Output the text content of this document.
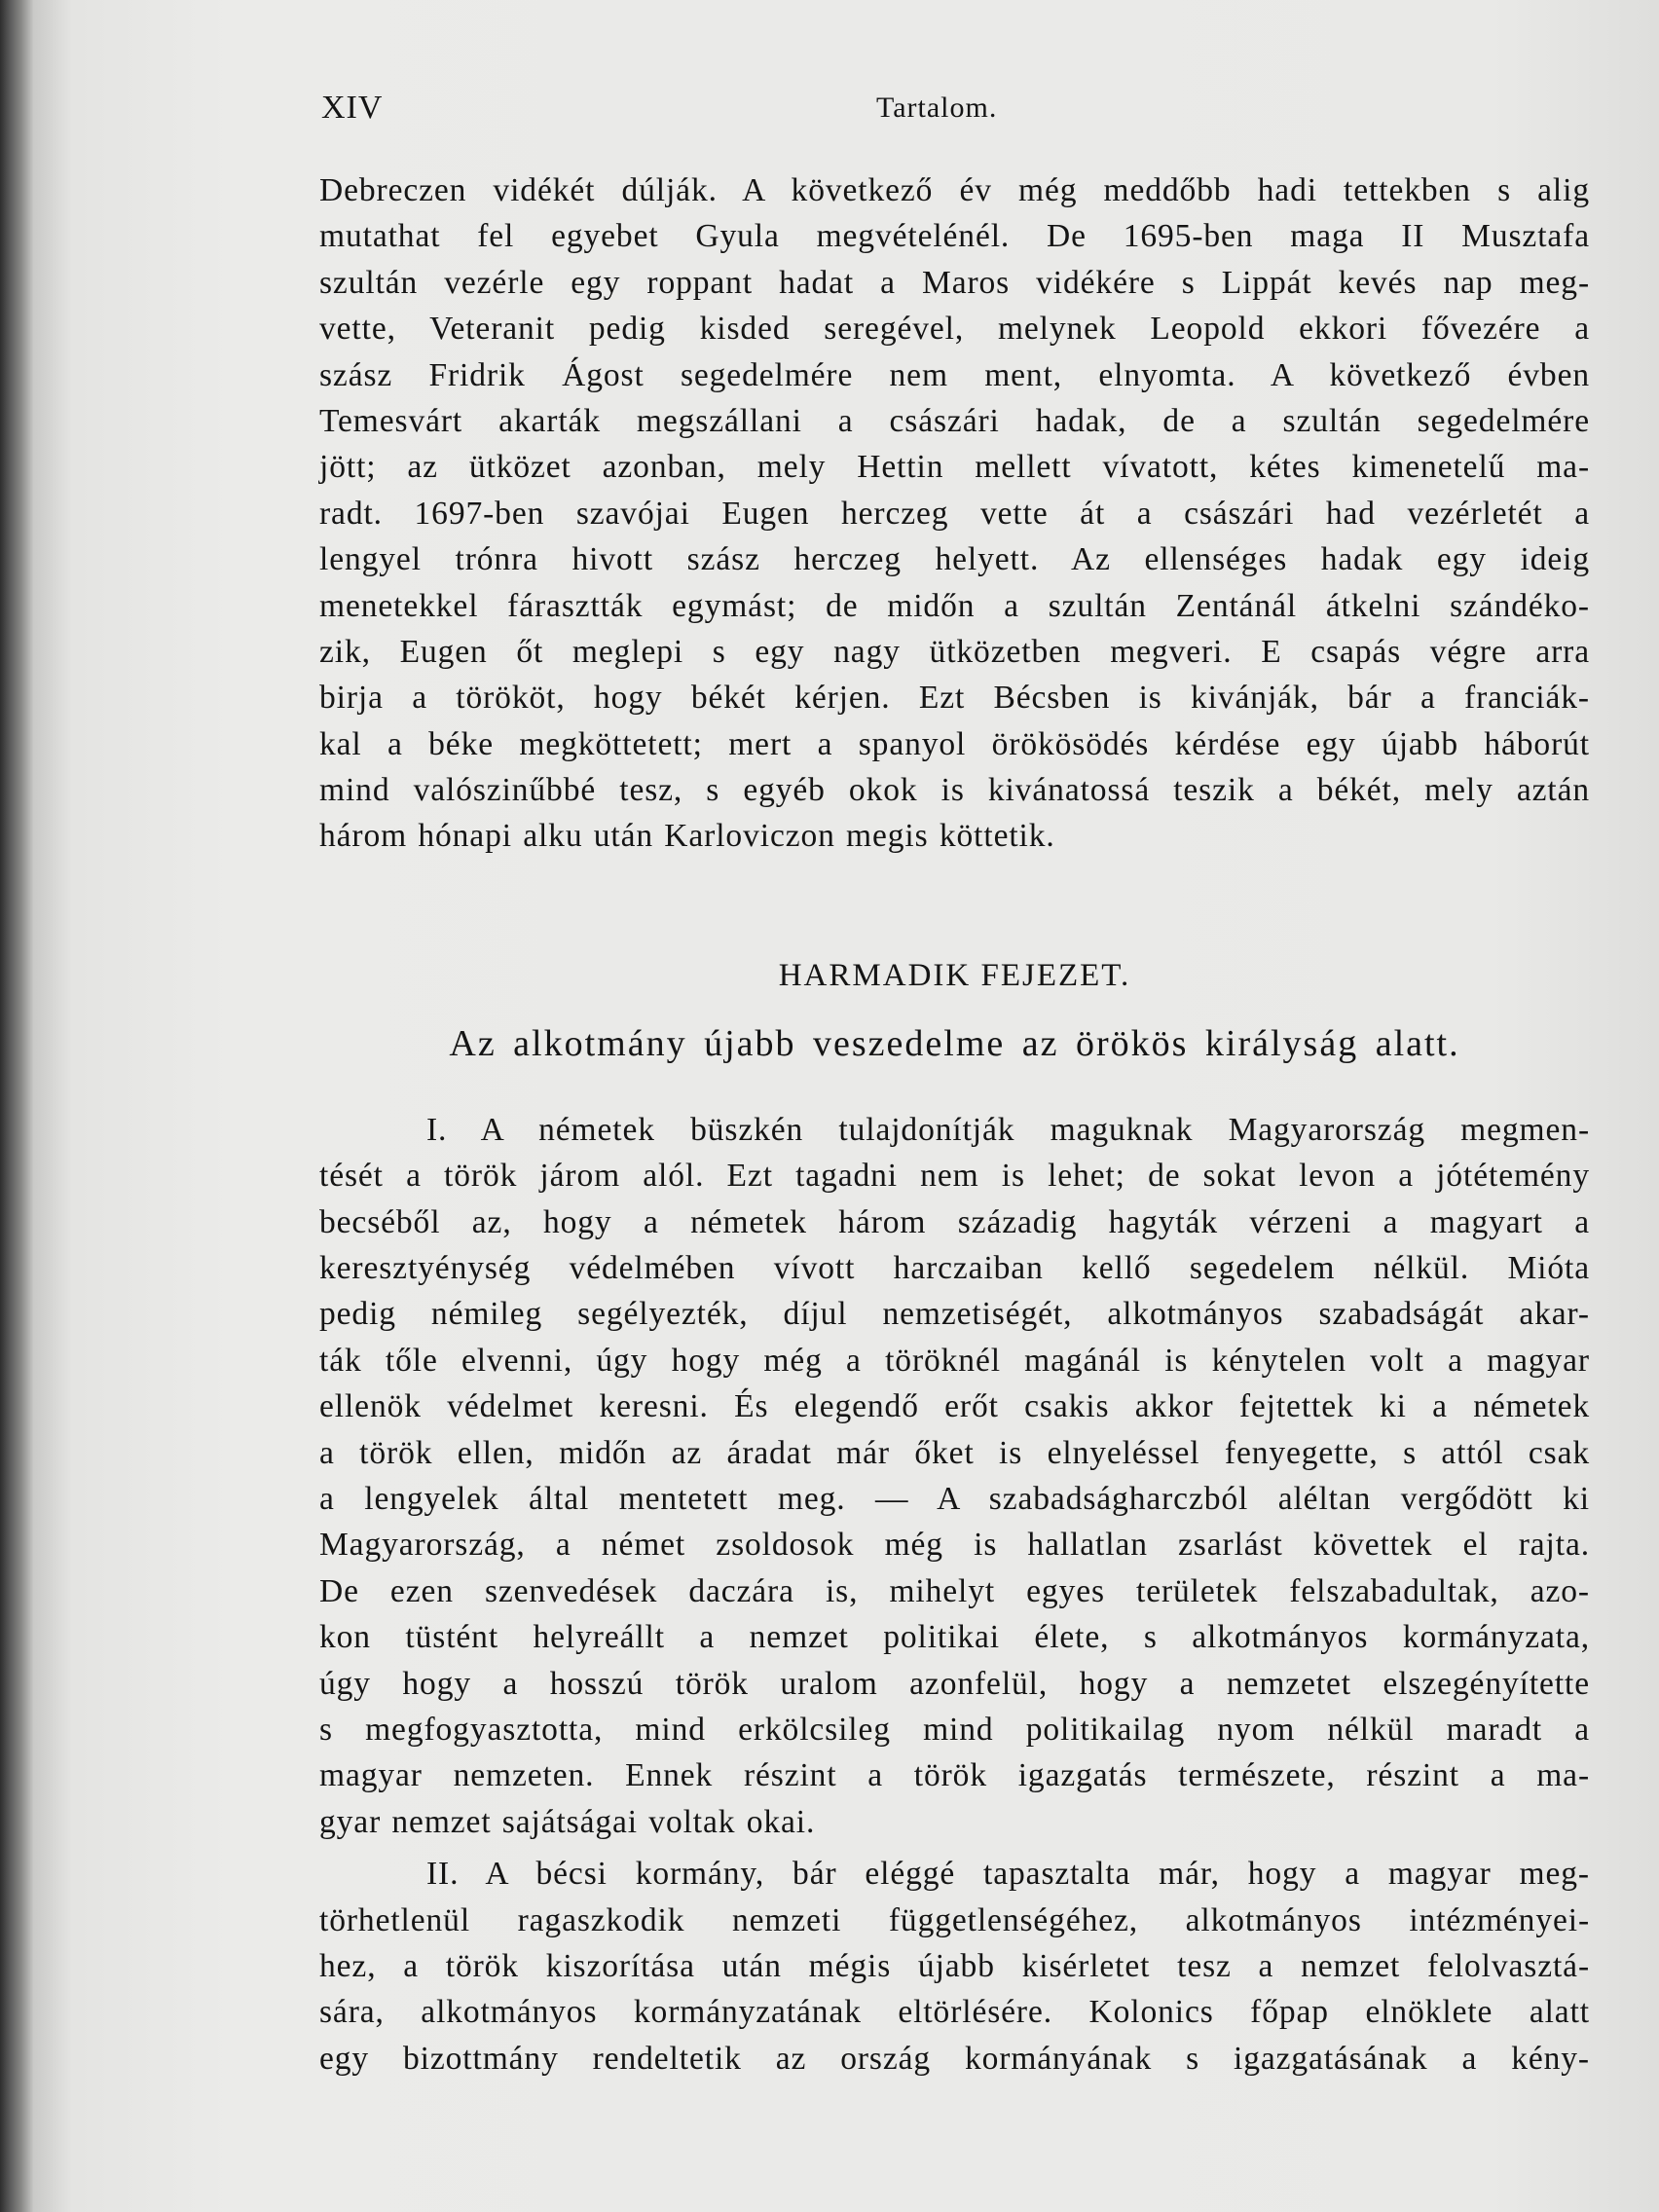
XIV	Tartalom.
Debreczen vidékét dúlják. A következő év még meddőbb hadi tettekben s alig
mutathat fel egyebet Gyula megvételénél. De 1695-ben maga II Musztafa
szultán vezérle egy roppant hadat a Maros vidékére s Lippát kevés nap meg-
vette, Veteranit pedig kisded seregével, melynek Leopold ekkori fővezére a
szász Fridrik Ágost segedelmére nem ment, elnyomta. A következő évben
Temesvárt akarták megszállani a császári hadak, de a szultán segedelmére
jött; az ütközet azonban, mely Hettin mellett vívatott, kétes kimenetelű ma-
radt. 1697-ben szavójai Eugen herczeg vette át a császári had vezérletét a
lengyel trónra hivott szász herczeg helyett. Az ellenséges hadak egy ideig
menetekkel fárasztták egymást; de midőn a szultán Zentánál átkelni szándéko-
zik, Eugen őt meglepi s egy nagy ütközetben megveri. E csapás végre arra
birja a törököt, hogy békét kérjen. Ezt Bécsben is kivánják, bár a franciák-
kal a béke megköttetett; mert a spanyol örökösödés kérdése egy újabb háborút
mind valószinűbbé tesz, s egyéb okok is kivánatossá teszik a békét, mely aztán
három hónapi alku után Karloviczon megis köttetik.
HARMADIK FEJEZET.
Az alkotmány újabb veszedelme az örökös királyság alatt.
I. A németek büszkén tulajdonítják maguknak Magyarország megmen-
tését a török járom alól. Ezt tagadni nem is lehet; de sokat levon a jótétemény
becséből az, hogy a németek három századig hagyták vérzeni a magyart a
keresztyénység védelmében vívott harczaiban kellő segedelem nélkül. Mióta
pedig némileg segélyezték, díjul nemzetiségét, alkotmányos szabadságát akar-
ták tőle elvenni, úgy hogy még a töröknél magánál is kénytelen volt a magyar
ellenök védelmet keresni. És elegendő erőt csakis akkor fejtettek ki a németek
a török ellen, midőn az áradat már őket is elnyeléssel fenyegette, s attól csak
a lengyelek által mentetett meg. — A szabadságharczból aléltan vergődött ki
Magyarország, a német zsoldosok még is hallatlan zsarlást követtek el rajta.
De ezen szenvedések daczára is, mihelyt egyes területek felszabadultak, azo-
kon tüstént helyreállt a nemzet politikai élete, s alkotmányos kormányzata,
úgy hogy a hosszú török uralom azonfelül, hogy a nemzetet elszegényítette
s megfogyasztotta, mind erkölcsileg mind politikailag nyom nélkül maradt a
magyar nemzeten. Ennek részint a török igazgatás természete, részint a ma-
gyar nemzet sajátságai voltak okai.
II. A bécsi kormány, bár eléggé tapasztalta már, hogy a magyar meg-
törhetlenül ragaszkodik nemzeti függetlenségéhez, alkotmányos intézményei-
hez, a török kiszorítása után mégis újabb kisérletet tesz a nemzet felolvasztá-
sára, alkotmányos kormányzatának eltörlésére. Kolonics főpap elnöklete alatt
egy bizottmány rendeltetik az ország kormányának s igazgatásának a kény-
